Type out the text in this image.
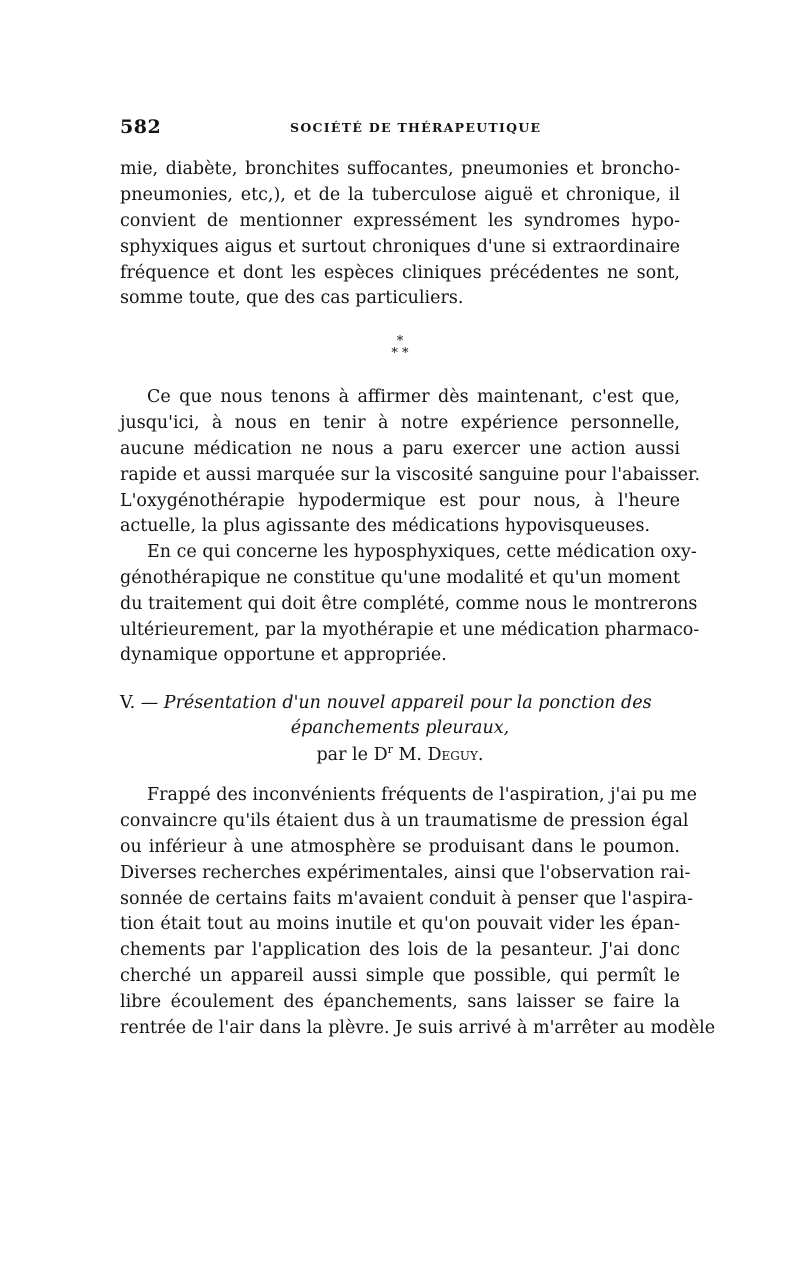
582	SOCIÉTÉ DE THÉRAPEUTIQUE
mie, diabète, bronchites suffocantes, pneumonies et broncho-
pneumonies, etc,), et de la tuberculose aiguë et chronique, il
convient de mentionner expressément les syndromes hypo-
sphyxiques aigus et surtout chroniques d'une si extraordinaire
fréquence et dont les espèces cliniques précédentes ne sont,
somme toute, que des cas particuliers.
*
* *
Ce que nous tenons à affirmer dès maintenant, c'est que,
jusqu'ici, à nous en tenir à notre expérience personnelle,
aucune médication ne nous a paru exercer une action aussi
rapide et aussi marquée sur la viscosité sanguine pour l'abaisser.
L'oxygénothérapie hypodermique est pour nous, à l'heure
actuelle, la plus agissante des médications hypovisqueuses.
En ce qui concerne les hyposphyxiques, cette médication oxy-
génothérapique ne constitue qu'une modalité et qu'un moment
du traitement qui doit être complété, comme nous le montrerons
ultérieurement, par la myothérapie et une médication pharmaco-
dynamique opportune et appropriée.
V. — Présentation d'un nouvel appareil pour la ponction des
épanchements pleuraux,
par le $D^r$ M. Deguy.
Frappé des inconvénients fréquents de l'aspiration, j'ai pu me
convaincre qu'ils étaient dus à un traumatisme de pression égal
ou inférieur à une atmosphère se produisant dans le poumon.
Diverses recherches expérimentales, ainsi que l'observation rai-
sonnée de certains faits m'avaient conduit à penser que l'aspira-
tion était tout au moins inutile et qu'on pouvait vider les épan-
chements par l'application des lois de la pesanteur. J'ai donc
cherché un appareil aussi simple que possible, qui permît le
libre écoulement des épanchements, sans laisser se faire la
rentrée de l'air dans la plèvre. Je suis arrivé à m'arrêter au modèle
